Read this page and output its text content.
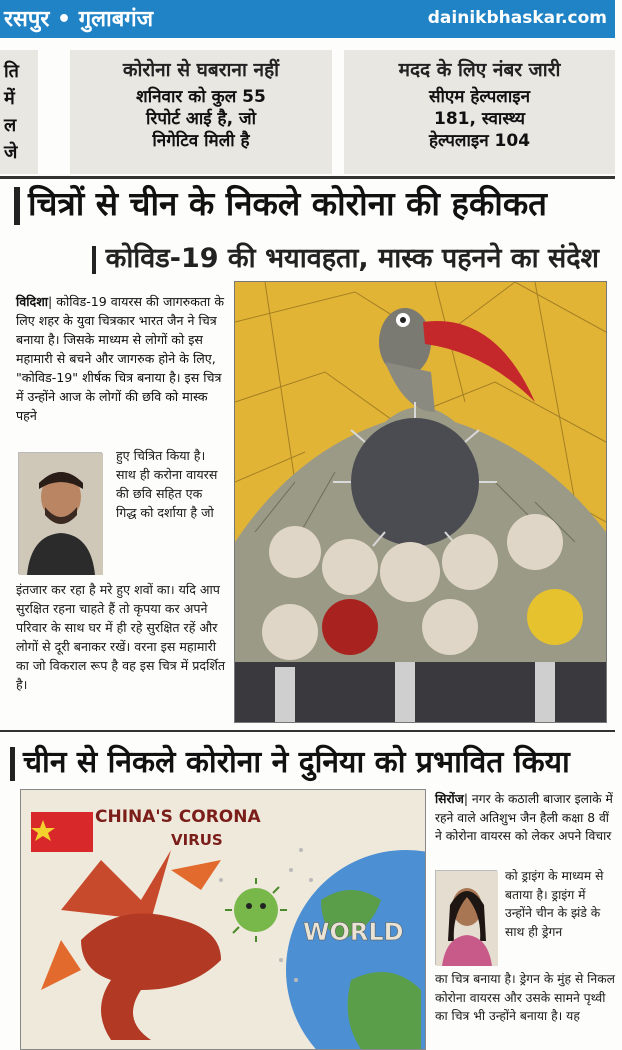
रसपुर • गुलाबगंज	dainikbhaskar.com
ति
में
ल
जे
कोरोना से घबराना नहीं
शनिवार को कुल 55
रिपोर्ट आई है, जो
निगेटिव मिली है
मदद के लिए नंबर जारी
सीएम हेल्पलाइन
181, स्वास्थ्य
हेल्पलाइन 104
चित्रों से चीन के निकले कोरोना की हकीकत
कोविड-19 की भयावहता, मास्क पहनने का संदेश

विदिशा| कोविड-19 वायरस की जागरुकता के लिए शहर के युवा चित्रकार भारत जैन ने चित्र बनाया है। जिसके माध्यम से लोगों को इस महामारी से बचने और जागरुक होने के लिए, "कोविड-19" शीर्षक चित्र बनाया है। इस चित्र में उन्होंने आज के लोगों की छवि को मास्क पहने

हुए चित्रित किया है। साथ ही करोना वायरस की छवि सहित एक गिद्ध को दर्शाया है जो
इंतजार कर रहा है मरे हुए शवों का। यदि आप सुरक्षित रहना चाहते हैं तो कृपया कर अपने परिवार के साथ घर में ही रहे सुरक्षित रहें और लोगों से दूरी बनाकर रखें। वरना इस महामारी का जो विकराल रूप है वह इस चित्र में प्रदर्शित है।
चीन से निकले कोरोना ने दुनिया को प्रभावित किया
CHINA'S CORONA
VIRUS
WORLD
सिरोंज| नगर के कठाली बाजार इलाके में रहने वाले अतिशुभ जैन हैली कक्षा 8 वीं ने कोरोना वायरस को लेकर अपने विचार
को ड्राइंग के माध्यम से बताया है। ड्राइंग में उन्होंने चीन के झंडे के साथ ही ड्रेगन
का चित्र बनाया है। ड्रेगन के मुंह से निकल कोरोना वायरस और उसके सामने पृथ्वी का चित्र भी उन्होंने बनाया है। यह
